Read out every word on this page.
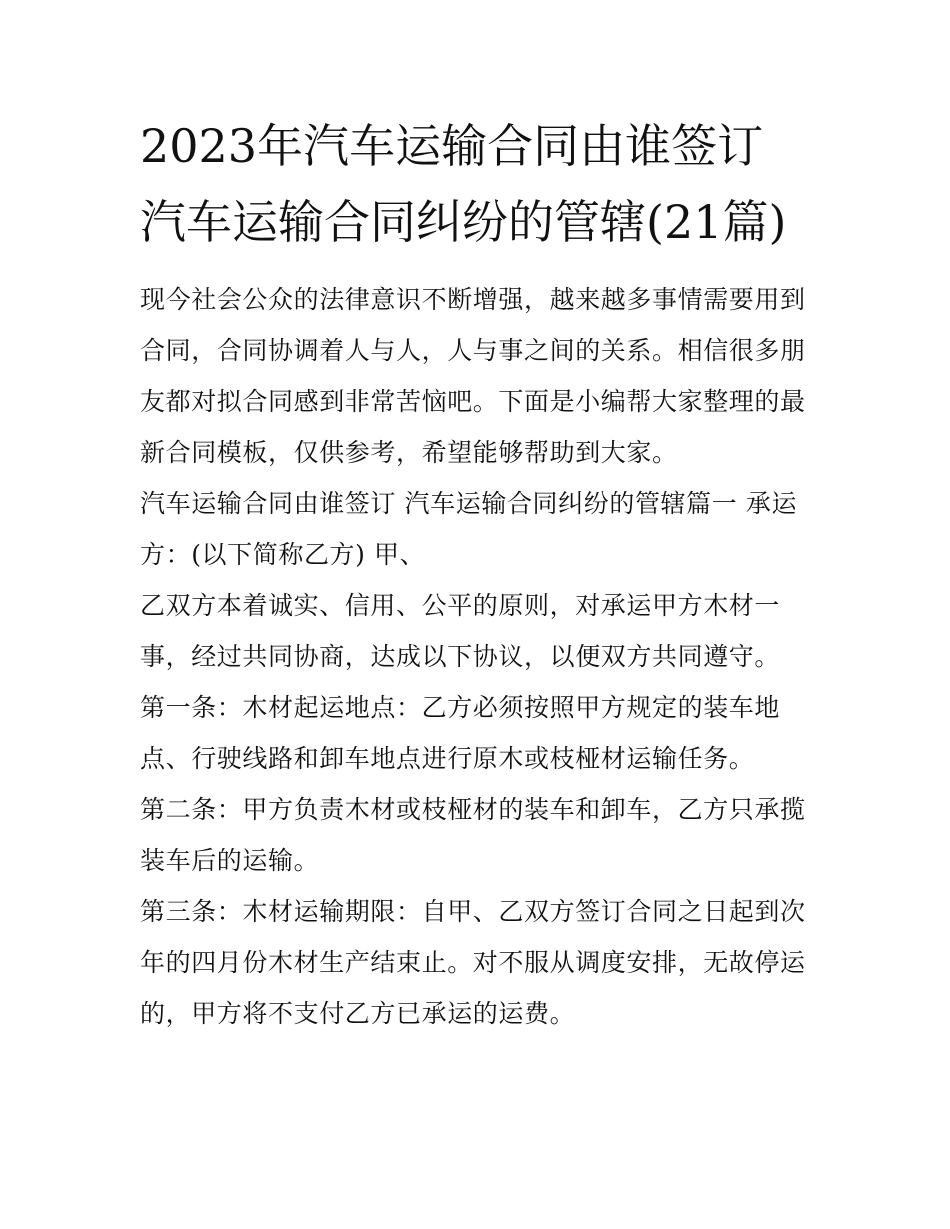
2023年汽车运输合同由谁签订 汽车运输合同纠纷的管辖(21篇)

现今社会公众的法律意识不断增强，越来越多事情需要用到合同，合同协调着人与人，人与事之间的关系。相信很多朋友都对拟合同感到非常苦恼吧。下面是小编帮大家整理的最新合同模板，仅供参考，希望能够帮助到大家。

汽车运输合同由谁签订 汽车运输合同纠纷的管辖篇一 承运

方：(以下简称乙方) 甲、

乙双方本着诚实、信用、公平的原则，对承运甲方木材一事，经过共同协商，达成以下协议，以便双方共同遵守。

第一条：木材起运地点：乙方必须按照甲方规定的装车地点、行驶线路和卸车地点进行原木或枝桠材运输任务。

第二条：甲方负责木材或枝桠材的装车和卸车，乙方只承揽装车后的运输。

第三条：木材运输期限：自甲、乙双方签订合同之日起到次年的四月份木材生产结束止。对不服从调度安排，无故停运的，甲方将不支付乙方已承运的运费。
